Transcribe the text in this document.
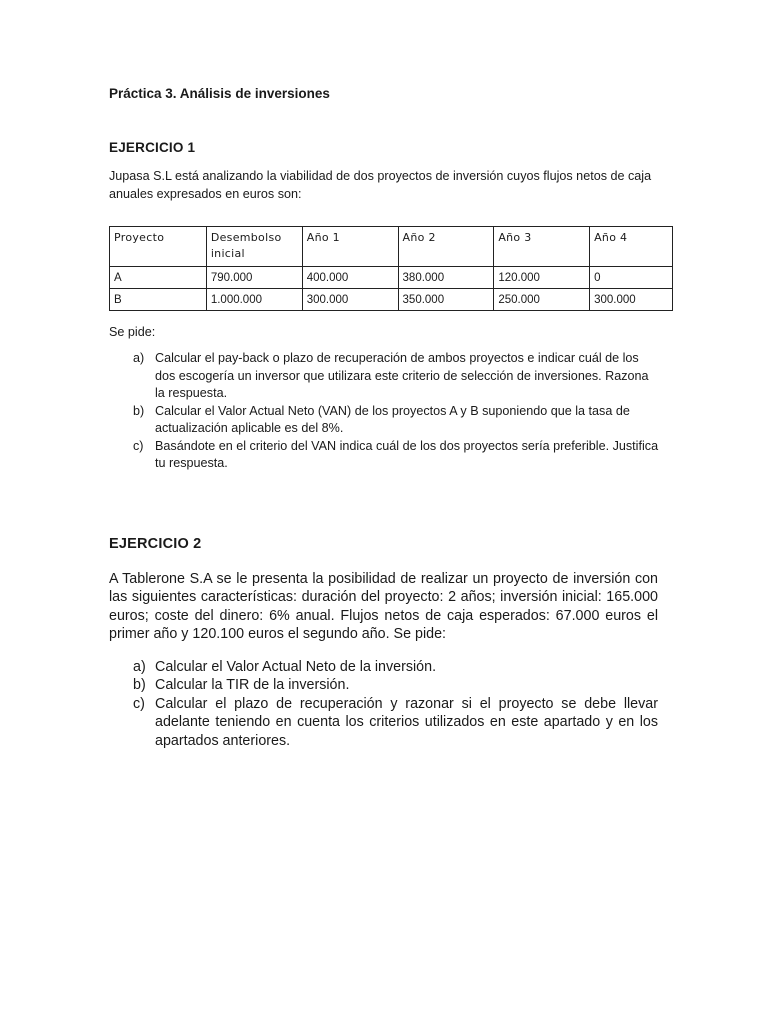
Práctica 3. Análisis de inversiones
EJERCICIO 1
Jupasa S.L está analizando la viabilidad de dos proyectos de inversión cuyos flujos netos de caja anuales expresados en euros son:
Proyecto	Desembolso inicial	Año 1	Año 2	Año 3	Año 4
A	790.000	400.000	380.000	120.000	0
B	1.000.000	300.000	350.000	250.000	300.000
Se pide:
a) Calcular el pay-back o plazo de recuperación de ambos proyectos e indicar cuál de los dos escogería un inversor que utilizara este criterio de selección de inversiones. Razona la respuesta.
b) Calcular el Valor Actual Neto (VAN) de los proyectos A y B suponiendo que la tasa de actualización aplicable es del 8%.
c) Basándote en el criterio del VAN indica cuál de los dos proyectos sería preferible. Justifica tu respuesta.
EJERCICIO 2
A Tablerone S.A se le presenta la posibilidad de realizar un proyecto de inversión con las siguientes características: duración del proyecto: 2 años; inversión inicial: 165.000 euros; coste del dinero: 6% anual. Flujos netos de caja esperados: 67.000 euros el primer año y 120.100 euros el segundo año. Se pide:
a) Calcular el Valor Actual Neto de la inversión.
b) Calcular la TIR de la inversión.
c) Calcular el plazo de recuperación y razonar si el proyecto se debe llevar adelante teniendo en cuenta los criterios utilizados en este apartado y en los apartados anteriores.
